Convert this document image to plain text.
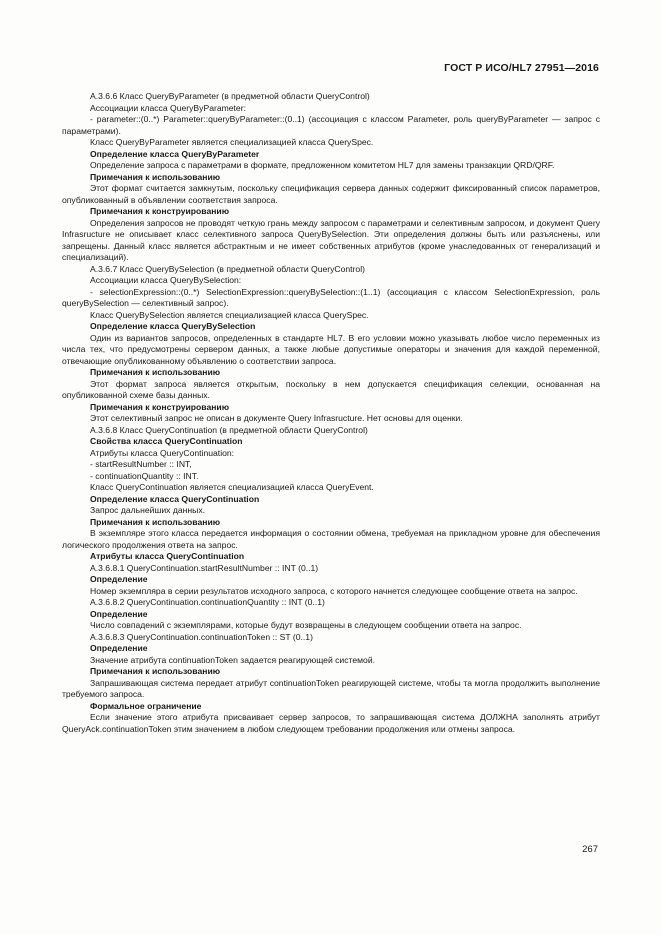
ГОСТ Р ИСО/HL7 27951—2016

A.3.6.6 Класс QueryByParameter (в предметной области QueryControl)

Ассоциации класса QueryByParameter:

- parameter::(0..*) Parameter::queryByParameter::(0..1) (ассоциация с классом Parameter, роль queryByParameter — запрос с параметрами).

Класс QueryByParameter является специализацией класса QuerySpec.

Определение класса QueryByParameter

Определение запроса с параметрами в формате, предложенном комитетом HL7 для замены транзакции QRD/QRF.

Примечания к использованию

Этот формат считается замкнутым, поскольку спецификация сервера данных содержит фиксированный список параметров, опубликованный в объявлении соответствия запроса.

Примечания к конструированию

Определения запросов не проводят четкую грань между запросом с параметрами и селективным запросом, и документ Query Infrasructure не описывает класс селективного запроса QueryBySelection. Эти определения должны быть или разъяснены, или запрещены. Данный класс является абстрактным и не имеет собственных атрибутов (кроме унаследованных от генерализаций и специализаций).

A.3.6.7 Класс QueryBySelection (в предметной области QueryControl)

Ассоциации класса QueryBySelection:

- selectionExpression::(0..*) SelectionExpression::queryBySelection::(1..1) (ассоциация с классом SelectionExpression, роль queryBySelection — селективный запрос).

Класс QueryBySelection является специализацией класса QuerySpec.

Определение класса QueryBySelection

Один из вариантов запросов, определенных в стандарте HL7. В его условии можно указывать любое число переменных из числа тех, что предусмотрены сервером данных, а также любые допустимые операторы и значения для каждой переменной, отвечающие опубликованному объявлению о соответствии запроса.

Примечания к использованию

Этот формат запроса является открытым, поскольку в нем допускается спецификация селекции, основанная на опубликованной схеме базы данных.

Примечания к конструированию

Этот селективный запрос не описан в документе Query Infrasructure. Нет основы для оценки.

A.3.6.8 Класс QueryContinuation (в предметной области QueryControl)

Свойства класса QueryContinuation

Атрибуты класса QueryContinuation:

- startResultNumber :: INT,

- continuationQuantity :: INT.

Класс QueryContinuation является специализацией класса QueryEvent.

Определение класса QueryContinuation

Запрос дальнейших данных.

Примечания к использованию

В экземпляре этого класса передается информация о состоянии обмена, требуемая на прикладном уровне для обеспечения логического продолжения ответа на запрос.

Атрибуты класса QueryContinuation

A.3.6.8.1 QueryContinuation.startResultNumber :: INT (0..1)

Определение

Номер экземпляра в серии результатов исходного запроса, с которого начнется следующее сообщение ответа на запрос.

A.3.6.8.2 QueryContinuation.continuationQuantity :: INT (0..1)

Определение

Число совпадений с экземплярами, которые будут возвращены в следующем сообщении ответа на запрос.

A.3.6.8.3 QueryContinuation.continuationToken :: ST (0..1)

Определение

Значение атрибута continuationToken задается реагирующей системой.

Примечания к использованию

Запрашивающая система передает атрибут continuationToken реагирующей системе, чтобы та могла продолжить выполнение требуемого запроса.

Формальное ограничение

Если значение этого атрибута присваивает сервер запросов, то запрашивающая система ДОЛЖНА заполнять атрибут QueryAck.continuationToken этим значением в любом следующем требовании продолжения или отмены запроса.

267
